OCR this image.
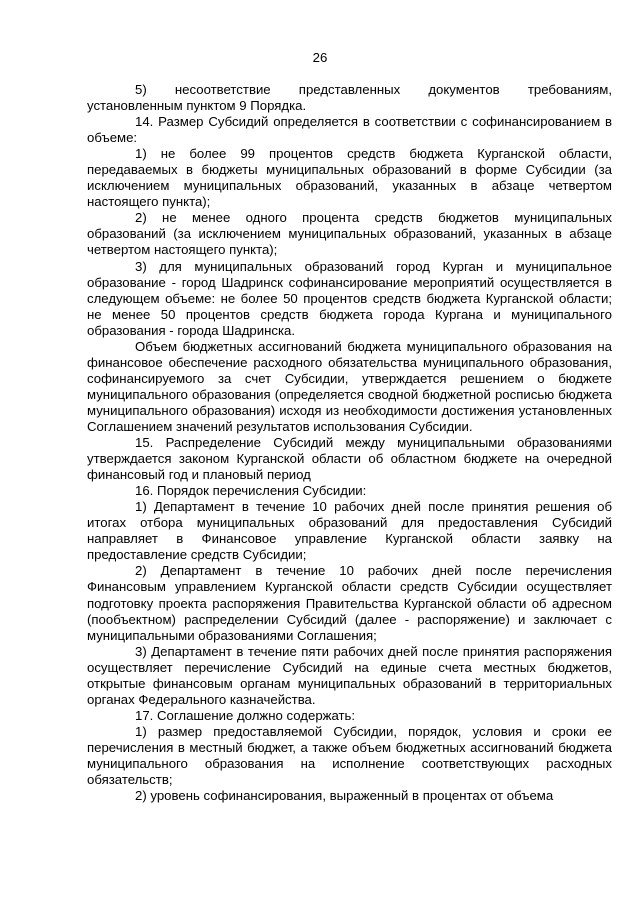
26

5) несоответствие представленных документов требованиям, установленным пунктом 9 Порядка.

14. Размер Субсидий определяется в соответствии с софинансированием в объеме:

1) не более 99 процентов средств бюджета Курганской области, передаваемых в бюджеты муниципальных образований в форме Субсидии (за исключением муниципальных образований, указанных в абзаце четвертом настоящего пункта);

2) не менее одного процента средств бюджетов муниципальных образований (за исключением муниципальных образований, указанных в абзаце четвертом настоящего пункта);

3) для муниципальных образований город Курган и муниципальное образование - город Шадринск софинансирование мероприятий осуществляется в следующем объеме: не более 50 процентов средств бюджета Курганской области; не менее 50 процентов средств бюджета города Кургана и муниципального образования - города Шадринска.

Объем бюджетных ассигнований бюджета муниципального образования на финансовое обеспечение расходного обязательства муниципального образования, софинансируемого за счет Субсидии, утверждается решением о бюджете муниципального образования (определяется сводной бюджетной росписью бюджета муниципального образования) исходя из необходимости достижения установленных Соглашением значений результатов использования Субсидии.

15. Распределение Субсидий между муниципальными образованиями утверждается законом Курганской области об областном бюджете на очередной финансовый год и плановый период

16. Порядок перечисления Субсидии:

1) Департамент в течение 10 рабочих дней после принятия решения об итогах отбора муниципальных образований для предоставления Субсидий направляет в Финансовое управление Курганской области заявку на предоставление средств Субсидии;

2) Департамент в течение 10 рабочих дней после перечисления Финансовым управлением Курганской области средств Субсидии осуществляет подготовку проекта распоряжения Правительства Курганской области об адресном (пообъектном) распределении Субсидий (далее - распоряжение) и заключает с муниципальными образованиями Соглашения;

3) Департамент в течение пяти рабочих дней после принятия распоряжения осуществляет перечисление Субсидий на единые счета местных бюджетов, открытые финансовым органам муниципальных образований в территориальных органах Федерального казначейства.

17. Соглашение должно содержать:

1) размер предоставляемой Субсидии, порядок, условия и сроки ее перечисления в местный бюджет, а также объем бюджетных ассигнований бюджета муниципального образования на исполнение соответствующих расходных обязательств;

2) уровень софинансирования, выраженный в процентах от объема
